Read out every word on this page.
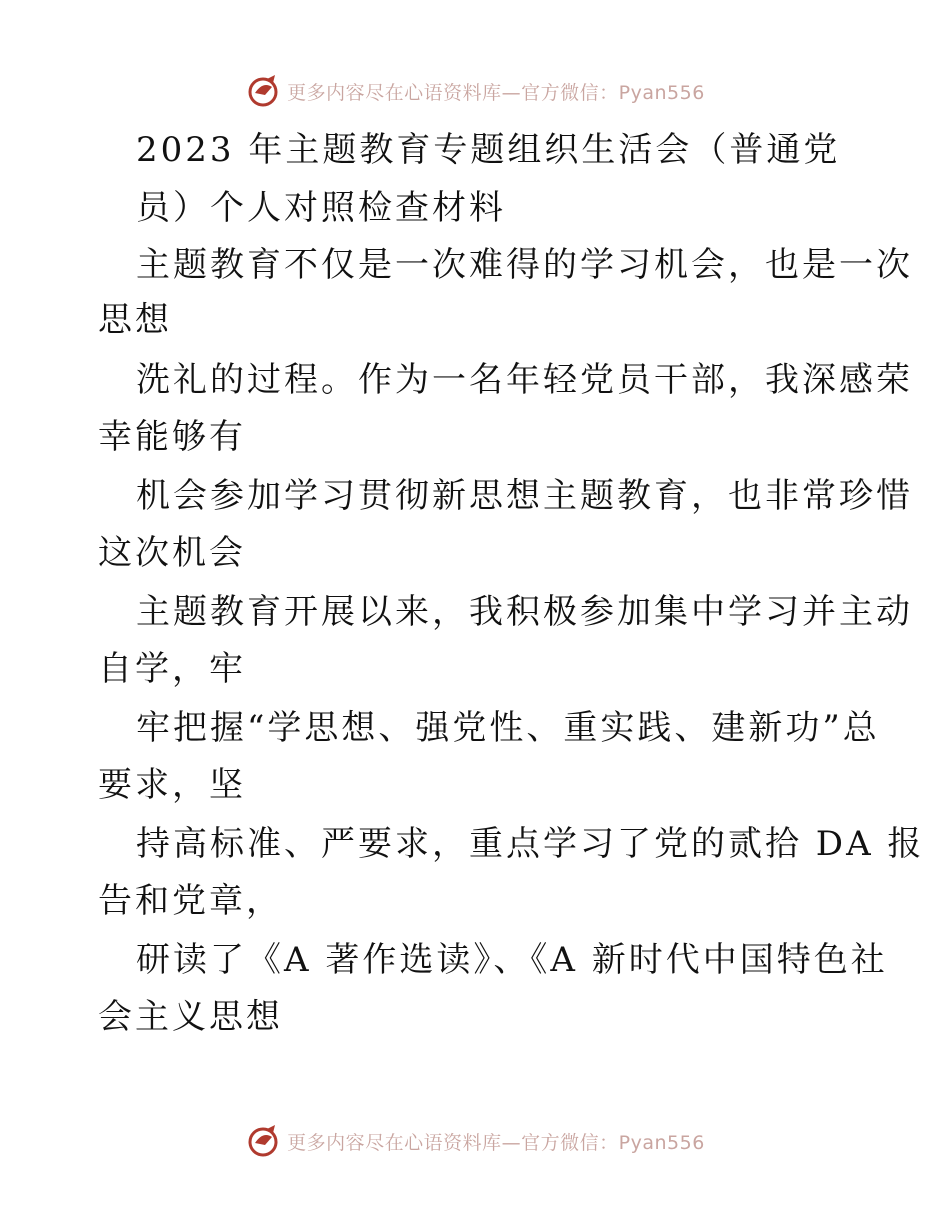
更多内容尽在心语资料库—官方微信：Pyan556
2023 年主题教育专题组织生活会（普通党
员）个人对照检查材料
主题教育不仅是一次难得的学习机会，也是一次
思想
洗礼的过程。作为一名年轻党员干部，我深感荣
幸能够有
机会参加学习贯彻新思想主题教育，也非常珍惜
这次机会
主题教育开展以来，我积极参加集中学习并主动
自学，牢
牢把握“学思想、强党性、重实践、建新功”总
要求，坚
持高标准、严要求，重点学习了党的贰拾 DA 报
告和党章，
研读了《A 著作选读》、《A 新时代中国特色社
会主义思想
更多内容尽在心语资料库—官方微信：Pyan556
